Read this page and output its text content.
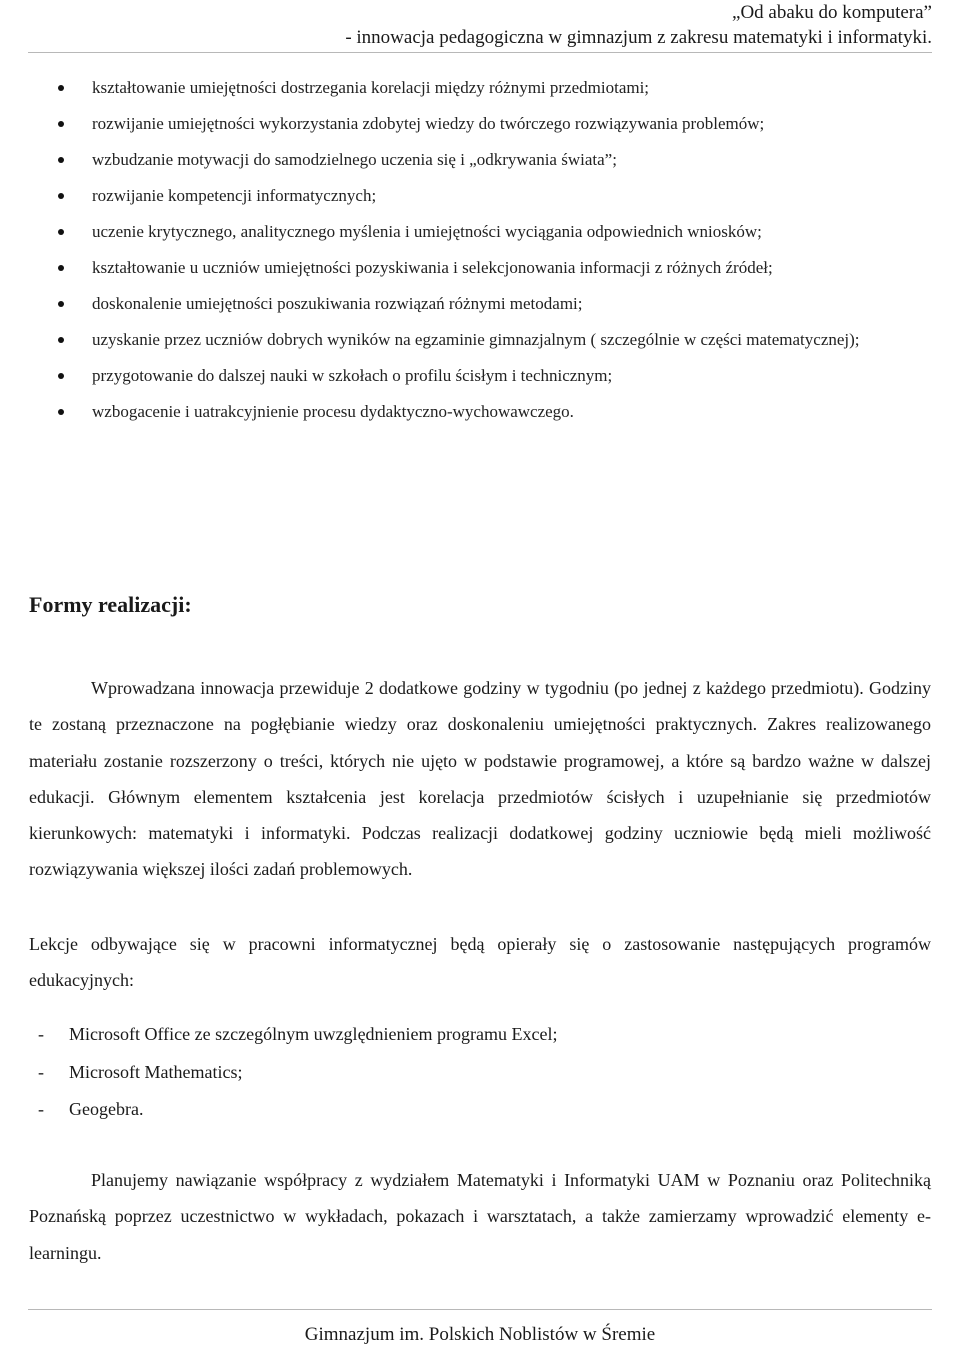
„Od abaku do komputera”
- innowacja pedagogiczna w gimnazjum z zakresu matematyki i informatyki.
kształtowanie umiejętności dostrzegania korelacji między różnymi przedmiotami;
rozwijanie umiejętności wykorzystania zdobytej wiedzy do twórczego rozwiązywania problemów;
wzbudzanie motywacji do samodzielnego uczenia się i „odkrywania świata”;
rozwijanie kompetencji informatycznych;
uczenie krytycznego, analitycznego myślenia i umiejętności wyciągania odpowiednich wniosków;
kształtowanie u uczniów umiejętności pozyskiwania i selekcjonowania informacji z różnych źródeł;
doskonalenie umiejętności poszukiwania rozwiązań różnymi metodami;
uzyskanie przez uczniów dobrych wyników na egzaminie gimnazjalnym ( szczególnie w części matematycznej);
przygotowanie do dalszej nauki w szkołach o profilu ścisłym i technicznym;
wzbogacenie i uatrakcyjnienie procesu dydaktyczno-wychowawczego.
Formy realizacji:

Wprowadzana innowacja przewiduje 2 dodatkowe godziny w tygodniu (po jednej z każdego przedmiotu). Godziny te zostaną przeznaczone na pogłębianie wiedzy oraz doskonaleniu umiejętności praktycznych. Zakres realizowanego materiału zostanie rozszerzony o treści, których nie ujęto w podstawie programowej, a które są bardzo ważne w dalszej edukacji. Głównym elementem kształcenia jest korelacja przedmiotów ścisłych i uzupełnianie się przedmiotów kierunkowych: matematyki i informatyki. Podczas realizacji dodatkowej godziny uczniowie będą mieli możliwość rozwiązywania większej ilości zadań problemowych.

Lekcje odbywające się w pracowni informatycznej będą opierały się o zastosowanie następujących programów edukacyjnych:

-	Microsoft Office ze szczególnym uwzględnieniem programu Excel;
-	Microsoft Mathematics;
-	Geogebra.

Planujemy nawiązanie współpracy z wydziałem Matematyki i Informatyki UAM w Poznaniu oraz Politechniką Poznańską poprzez uczestnictwo w wykładach, pokazach i warsztatach, a także zamierzamy wprowadzić elementy e-learningu.

Gimnazjum im. Polskich Noblistów w Śremie
